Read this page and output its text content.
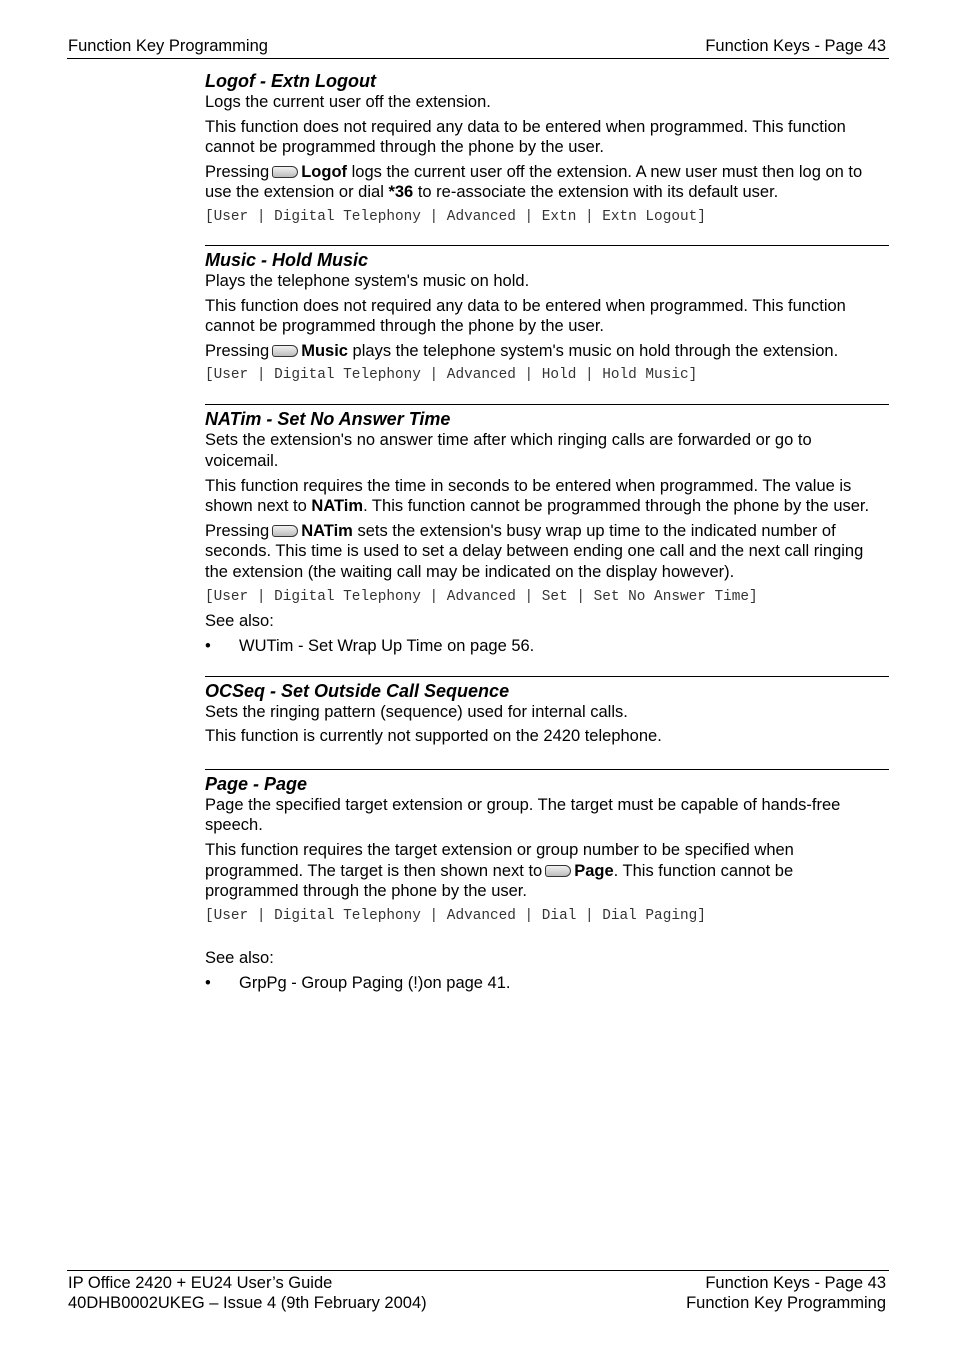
Function Key Programming	Function Keys - Page 43
Logof - Extn Logout

Logs the current user off the extension.

This function does not required any data to be entered when programmed. This function cannot be programmed through the phone by the user.

Pressing Logof logs the current user off the extension. A new user must then log on to use the extension or dial *36 to re-associate the extension with its default user.

[User | Digital Telephony | Advanced | Extn | Extn Logout]
Music - Hold Music

Plays the telephone system's music on hold.

This function does not required any data to be entered when programmed. This function cannot be programmed through the phone by the user.

Pressing Music plays the telephone system's music on hold through the extension.

[User | Digital Telephony | Advanced | Hold | Hold Music]
NATim - Set No Answer Time

Sets the extension's no answer time after which ringing calls are forwarded or go to voicemail.

This function requires the time in seconds to be entered when programmed. The value is shown next to NATim. This function cannot be programmed through the phone by the user.

Pressing NATim sets the extension's busy wrap up time to the indicated number of seconds. This time is used to set a delay between ending one call and the next call ringing the extension (the waiting call may be indicated on the display however).

[User | Digital Telephony | Advanced | Set | Set No Answer Time]

See also:

• WUTim - Set Wrap Up Time on page 56.
OCSeq - Set Outside Call Sequence

Sets the ringing pattern (sequence) used for internal calls.

This function is currently not supported on the 2420 telephone.

Page - Page

Page the specified target extension or group. The target must be capable of hands-free speech.

This function requires the target extension or group number to be specified when programmed. The target is then shown next to Page. This function cannot be programmed through the phone by the user.

[User | Digital Telephony | Advanced | Dial | Dial Paging]

See also:

• GrpPg - Group Paging (!)on page 41.
IP Office 2420 + EU24 User’s Guide
40DHB0002UKEG – Issue 4 (9th February 2004)
Function Keys - Page 43
Function Key Programming
